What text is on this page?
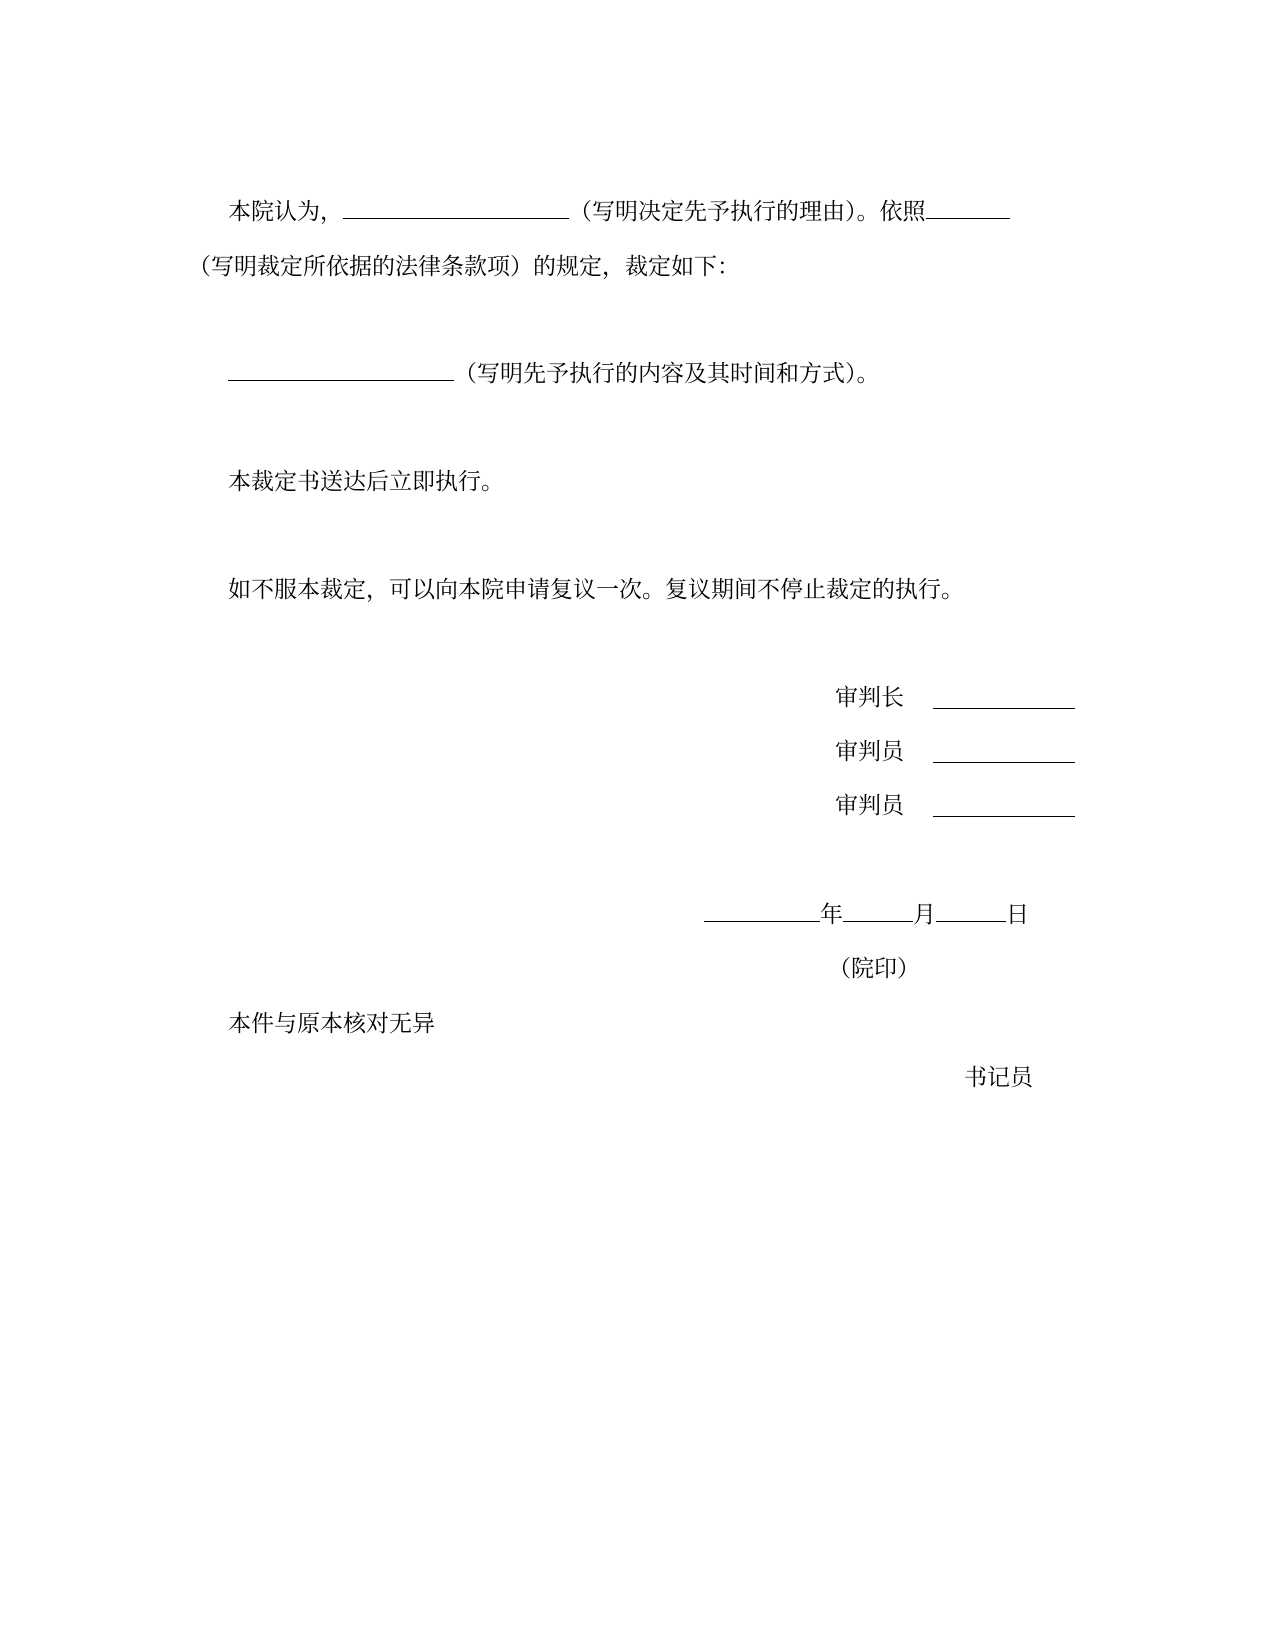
本院认为，	（写明决定先予执行的理由）。依照
（写明裁定所依据的法律条款项）的规定，裁定如下：
（写明先予执行的内容及其时间和方式）。
本裁定书送达后立即执行。
如不服本裁定，可以向本院申请复议一次。复议期间不停止裁定的执行。
审判长
审判员
审判员
年	月	日
（院印）
本件与原本核对无异
书记员
